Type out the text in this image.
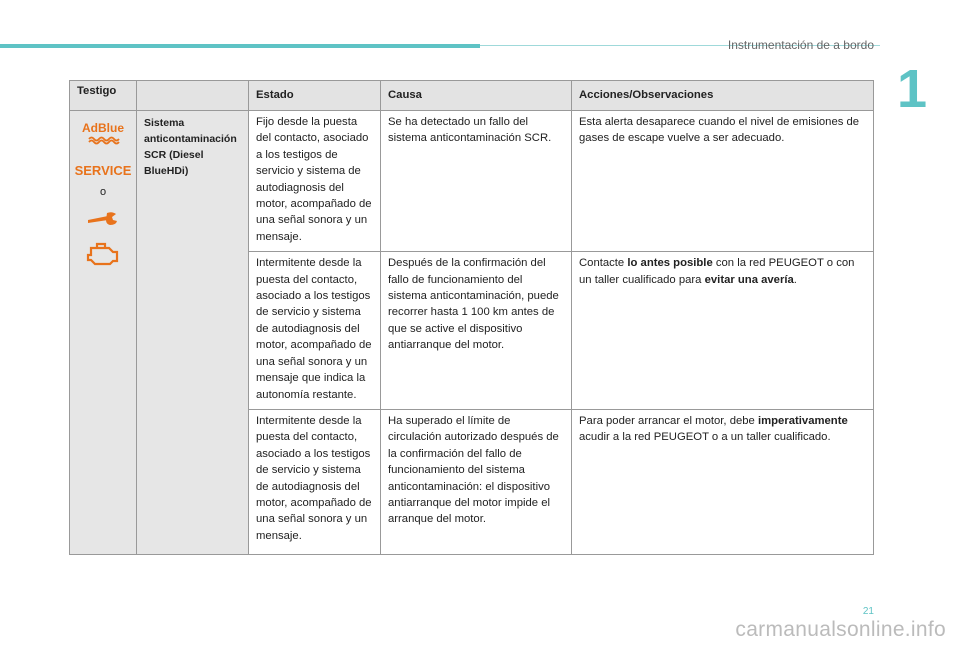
Instrumentación de a bordo
1
Testigo		Estado	Causa	Acciones/Observaciones

AdBlue
SERVICE
o	Sistema anticontaminación SCR (Diesel BlueHDi)	Fijo desde la puesta del contacto, asociado a los testigos de servicio y sistema de autodiagnosis del motor, acompañado de una señal sonora y un mensaje.	Se ha detectado un fallo del sistema anticontaminación SCR.	Esta alerta desaparece cuando el nivel de emisiones de gases de escape vuelve a ser adecuado.
		Intermitente desde la puesta del contacto, asociado a los testigos de servicio y sistema de autodiagnosis del motor, acompañado de una señal sonora y un mensaje que indica la autonomía restante.	Después de la confirmación del fallo de funcionamiento del sistema anticontaminación, puede recorrer hasta 1 100 km antes de que se active el dispositivo antiarranque del motor.	Contacte lo antes posible con la red PEUGEOT o con un taller cualificado para evitar una avería.
		Intermitente desde la puesta del contacto, asociado a los testigos de servicio y sistema de autodiagnosis del motor, acompañado de una señal sonora y un mensaje.	Ha superado el límite de circulación autorizado después de la confirmación del fallo de funcionamiento del sistema anticontaminación: el dispositivo antiarranque del motor impide el arranque del motor.	Para poder arrancar el motor, debe imperativamente acudir a la red PEUGEOT o a un taller cualificado.
21
carmanualsonline.info
